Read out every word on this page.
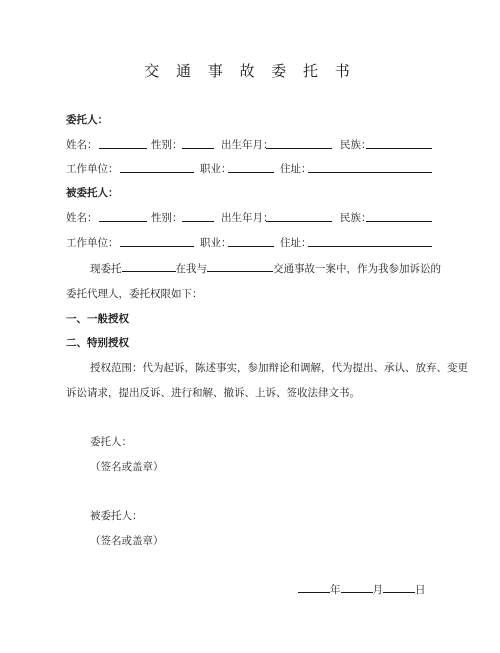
交 通 事 故 委 托 书
委托人：
姓名：	性别：	出生年月：	民族：
工作单位：	职业：	住址：
被委托人：
姓名：	性别：	出生年月：	民族：
工作单位：	职业：	住址：
现委托	在我与	交通事故一案中，作为我参加诉讼的
委托代理人，委托权限如下：
一、一般授权
二、特别授权
授权范围：代为起诉，陈述事实，参加辩论和调解，代为提出、承认、放弃、变更
诉讼请求，提出反诉、进行和解、撤诉、上诉、签收法律文书。
委托人：
（签名或盖章）
被委托人：
（签名或盖章）
年	月	日
